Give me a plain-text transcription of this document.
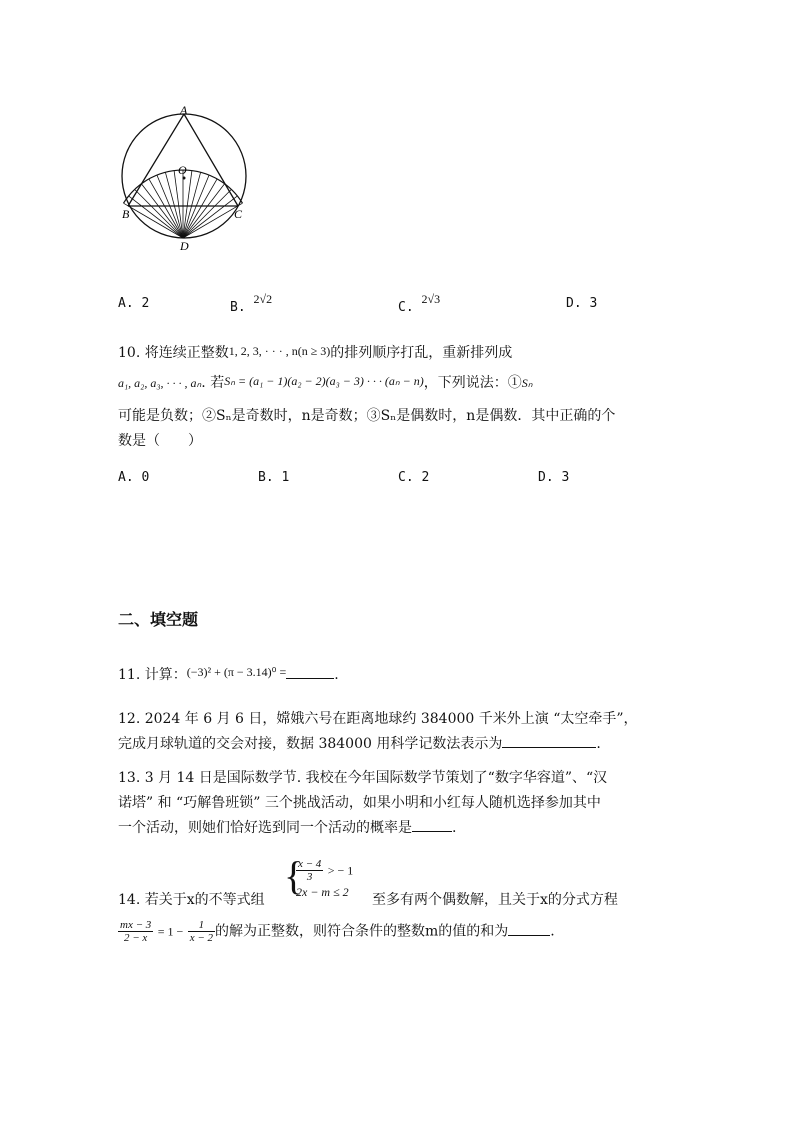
A
O
B	C
D
A. 2	B. 2√2
C. 2√3	D. 3
10. 将连续正整数1, 2, 3, · · · , n(n ≥ 3)的排列顺序打乱，重新排列成
a₁, a₂, a₃, · · · , aₙ. 若Sₙ = (a₁ − 1)(a₂ − 2)(a₃ − 3) · · · (aₙ − n)，下列说法：①Sₙ
可能是负数；②Sₙ是奇数时，n是奇数；③Sₙ是偶数时，n是偶数．其中正确的个
数是（　　）
A. 0	B. 1	C. 2	D. 3
二、填空题
11. 计算：(−3)² + (π − 3.14)⁰ =	.
12. 2024 年 6 月 6 日，嫦娥六号在距离地球约 384000 千米外上演 “太空牵手”，
完成月球轨道的交会对接，数据 384000 用科学记数法表示为	.
13. 3 月 14 日是国际数学节. 我校在今年国际数学节策划了“数字华容道”、“汉
诺塔” 和 “巧解鲁班锁” 三个挑战活动，如果小明和小红每人随机选择参加其中
一个活动，则她们恰好选到同一个活动的概率是	.
14. 若关于x的不等式组
{
$\frac{x - 4}{3}$ > − 1
2x − m ≤ 2	至多有两个偶数解，且关于x的分式方程
$\frac{mx - 3}{2 - x} = 1 - \frac{1}{x - 2}$ 的解为正整数，则符合条件的整数m的值的和为	.
